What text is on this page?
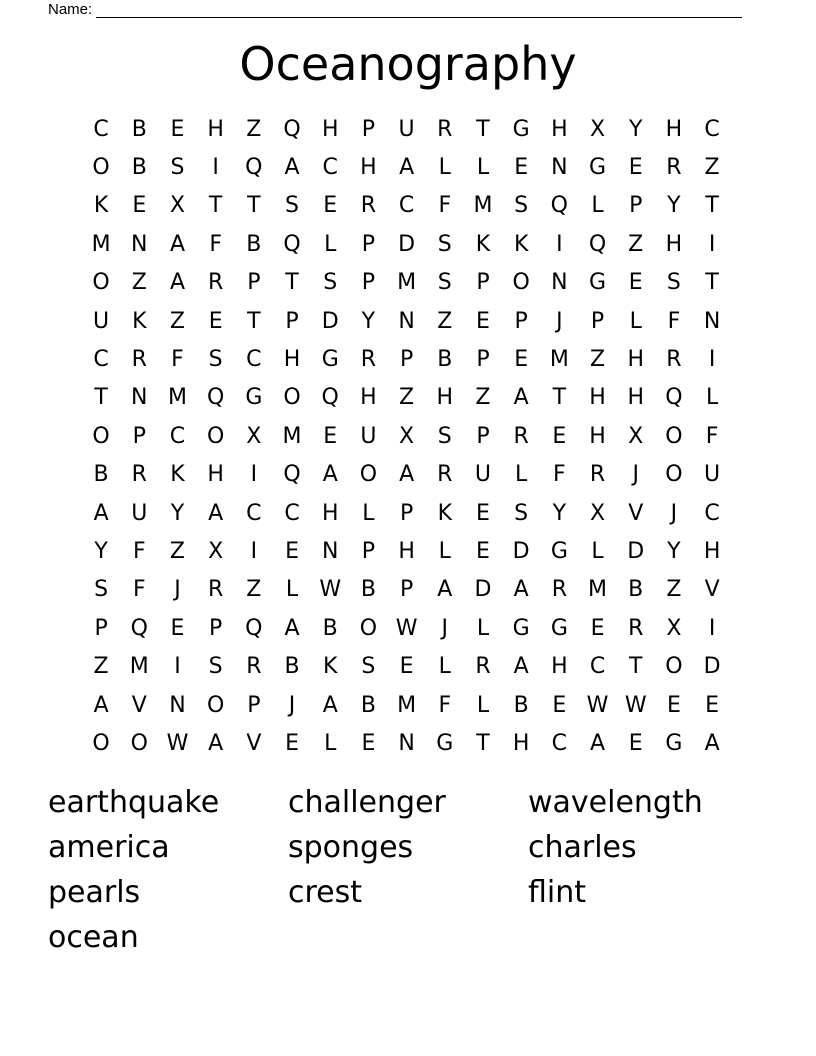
Name:
Oceanography
C	B	E	H	Z Q H	P	U	R	T	G H	X	Y	H	C
O B	S	I	Q	A	C	H	A	L	L	E	N G	E	R	Z
K	E	X	T	T	S	E	R	C	F	M S	Q	L	P	Y	T
M N	A	F	B Q	L	P	D	S	K	K	I	Q Z	H	I
O Z	A	R	P	T	S	P	M S	P	O N G	E	S	T
U	K	Z	E	T	P	D	Y	N	Z	E	P	J	P	L	F	N
C	R	F	S	C	H G	R	P	B	P	E M Z	H	R	I
T	N M Q G O Q H	Z	H	Z	A	T	H H Q	L
O	P	C O X M E	U	X	S	P	R	E	H	X O	F
B	R	K	H	I	Q	A O	A	R	U	L	F	R	J	O U
A	U	Y	A	C	C	H	L	P	K	E	S	Y	X	V	J	C
Y	F	Z	X	I	E	N	P	H	L	E	D G	L	D	Y	H
S	F	J	R	Z	L W B	P	A	D	A	R M B	Z	V
P	Q	E	P	Q	A	B O W	J	L	G G	E	R	X	I
Z M	I	S	R	B	K	S	E	L	R	A	H	C	T	O D
A	V	N O	P	J	A	B M	F	L	B	E W W E	E
O O W A	V	E	L	E	N G	T	H	C	A	E	G	A
earthquake	challenger	wavelength
america	sponges	charles
pearls	crest	flint
ocean
